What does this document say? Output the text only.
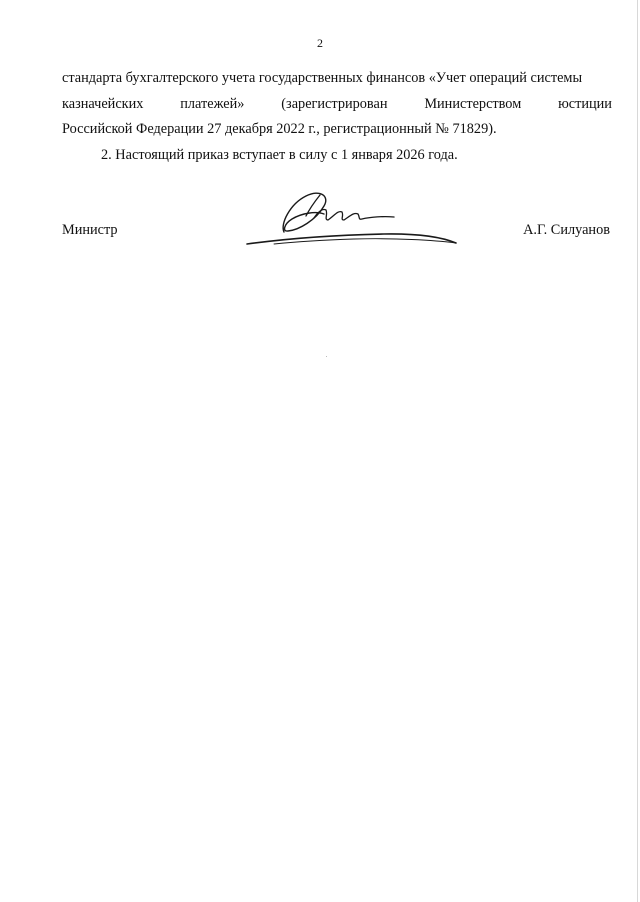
2
стандарта бухгалтерского учета государственных финансов «Учет операций системы
казначейских	платежей»	(зарегистрирован	Министерством	юстиции
Российской Федерации 27 декабря 2022 г., регистрационный № 71829).
2. Настоящий приказ вступает в силу с 1 января 2026 года.
Министр	А.Г. Силуанов
